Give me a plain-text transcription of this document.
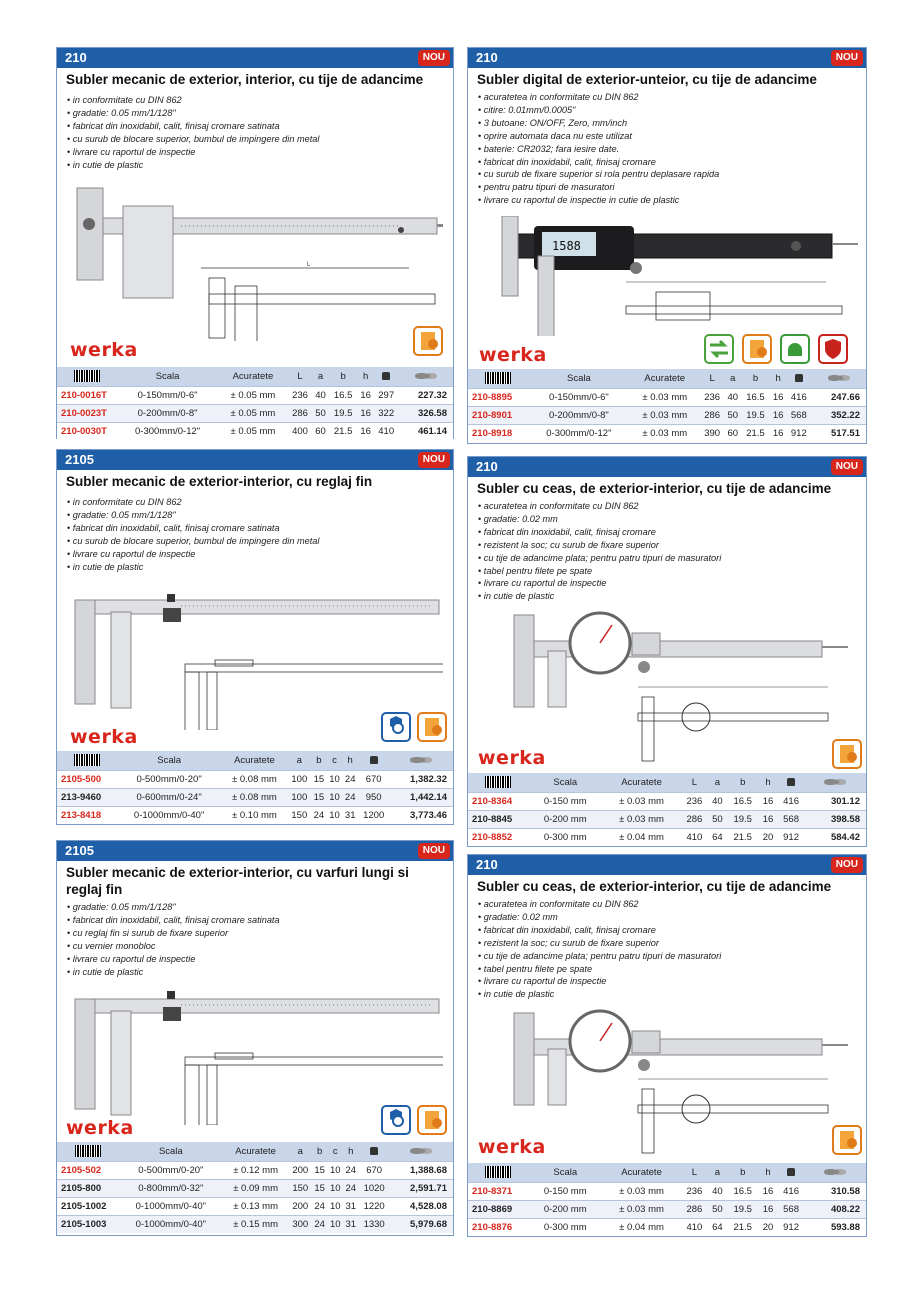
210	NOU
Subler mecanic de exterior, interior, cu tije de adancime
• in conformitate cu DIN 862
• gradatie: 0.05 mm/1/128"
• fabricat din inoxidabil, calit, finisaj cromare satinata
• cu surub de blocare superior, bumbul de impingere din metal
• livrare cu raportul de inspectie
• in cutie de plastic
L
werka
	Scala	Acuratete	L	a	b	h		
210-0016T	0-150mm/0-6"	± 0.05 mm	236	40	16.5	16	297	227.32
210-0023T	0-200mm/0-8"	± 0.05 mm	286	50	19.5	16	322	326.58
210-0030T	0-300mm/0-12"	± 0.05 mm	400	60	21.5	16	410	461.14
210	NOU
Subler digital de exterior-unteior, cu tije de adancime
• acuratetea in conformitate cu DIN 862
• citire: 0.01mm/0.0005"
• 3 butoane: ON/OFF, Zero, mm/inch
• oprire automata daca nu este utilizat
• baterie: CR2032; fara iesire date.
• fabricat din inoxidabil, calit, finisaj cromare
• cu surub de fixare superior si rola pentru deplasare rapida
• pentru patru tipuri de masuratori
• livrare cu raportul de inspectie in cutie de plastic
1588
werka
	Scala	Acuratete	L	a	b	h		
210-8895	0-150mm/0-6"	± 0.03 mm	236	40	16.5	16	416	247.66
210-8901	0-200mm/0-8"	± 0.03 mm	286	50	19.5	16	568	352.22
210-8918	0-300mm/0-12"	± 0.03 mm	390	60	21.5	16	912	517.51
2105	NOU
Subler mecanic de exterior-interior, cu reglaj fin
• in conformitate cu DIN 862
• gradatie: 0.05 mm/1/128"
• fabricat din inoxidabil, calit, finisaj cromare satinata
• cu surub de blocare superior, bumbul de impingere din metal
• livrare cu raportul de inspectie
• in cutie de plastic
werka
	Scala	Acuratete	a	b	c	h		
2105-500	0-500mm/0-20"	± 0.08 mm	100	15	10	24	670	1,382.32
213-9460	0-600mm/0-24"	± 0.08 mm	100	15	10	24	950	1,442.14
213-8418	0-1000mm/0-40"	± 0.10 mm	150	24	10	31	1200	3,773.46
210	NOU
Subler cu ceas, de exterior-interior, cu tije de adancime
• acuratetea in conformitate cu DIN 862
• gradatie: 0.02 mm
• fabricat din inoxidabil, calit, finisaj cromare
• rezistent la soc; cu surub de fixare superior
• cu tije de adancime plata; pentru patru tipuri de masuratori
• tabel pentru filete pe spate
• livrare cu raportul de inspectie
• in cutie de plastic
werka
	Scala	Acuratete	L	a	b	h		
210-8364	0-150 mm	± 0.03 mm	236	40	16.5	16	416	301.12
210-8845	0-200 mm	± 0.03 mm	286	50	19.5	16	568	398.58
210-8852	0-300 mm	± 0.04 mm	410	64	21.5	20	912	584.42
2105	NOU
Subler mecanic de exterior-interior, cu varfuri lungi si reglaj fin
• gradatie: 0.05 mm/1/128"
• fabricat din inoxidabil, calit, finisaj cromare satinata
• cu reglaj fin si surub de fixare superior
• cu vernier monobloc
• livrare cu raportul de inspectie
• in cutie de plastic
werka
	Scala	Acuratete	a	b	c	h		
2105-502	0-500mm/0-20"	± 0.12 mm	200	15	10	24	670	1,388.68
2105-800	0-800mm/0-32"	± 0.09 mm	150	15	10	24	1020	2,591.71
2105-1002	0-1000mm/0-40"	± 0.13 mm	200	24	10	31	1220	4,528.08
2105-1003	0-1000mm/0-40"	± 0.15 mm	300	24	10	31	1330	5,979.68
210	NOU
Subler cu ceas, de exterior-interior, cu tije de adancime
• acuratetea in conformitate cu DIN 862
• gradatie: 0.02 mm
• fabricat din inoxidabil, calit, finisaj cromare
• rezistent la soc; cu surub de fixare superior
• cu tije de adancime plata; pentru patru tipuri de masuratori
• tabel pentru filete pe spate
• livrare cu raportul de inspectie
• in cutie de plastic
werka
	Scala	Acuratete	L	a	b	h		
210-8371	0-150 mm	± 0.03 mm	236	40	16.5	16	416	310.58
210-8869	0-200 mm	± 0.03 mm	286	50	19.5	16	568	408.22
210-8876	0-300 mm	± 0.04 mm	410	64	21.5	20	912	593.88
